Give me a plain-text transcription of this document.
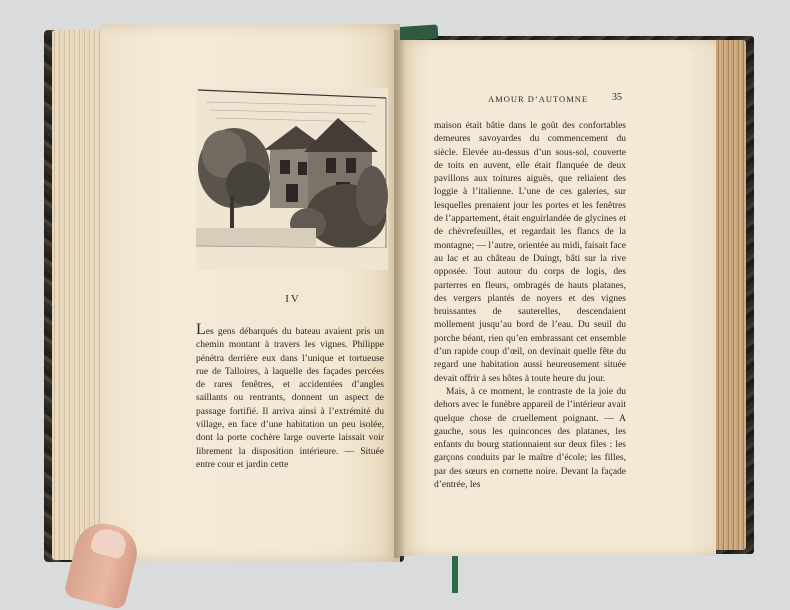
IV

Les gens débarqués du bateau avaient pris un chemin montant à travers les vignes. Philippe pénétra derrière eux dans l’unique et tortueuse rue de Talloires, à laquelle des façades percées de rares fenêtres, et accidentées d’angles saillants ou rentrants, donnent un aspect de passage fortifié. Il arriva ainsi à l’extrémité du village, en face d’une habitation un peu isolée, dont la porte cochère large ouverte laissait voir librement la disposition intérieure. — Située entre cour et jardin cette

AMOUR D’AUTOMNE	35

maison était bâtie dans le goût des confortables demeures savoyardes du commencement du siècle. Elevée au-dessus d’un sous-sol, couverte de toits en auvent, elle était flanquée de deux pavillons aux toitures aiguës, que reliaient des loggie à l’italienne. L’une de ces galeries, sur lesquelles prenaient jour les portes et les fenêtres de l’appartement, était enguirlandée de glycines et de chèvrefeuilles, et regardait les flancs de la montagne; — l’autre, orientée au midi, faisait face au lac et au château de Duingt, bâti sur la rive opposée. Tout autour du corps de logis, des parterres en fleurs, ombragés de hauts platanes, des vergers plantés de noyers et des vignes bruissantes de sauterelles, descendaient mollement jusqu’au bord de l’eau. Du seuil du porche béant, rien qu’en embrassant cet ensemble d’un rapide coup d’œil, on devinait quelle fête du regard une habitation aussi heureusement située devait offrir à ses hôtes à toute heure du jour.

Mais, à ce moment, le contraste de la joie du dehors avec le funèbre appareil de l’intérieur avait quelque chose de cruellement poignant. — A gauche, sous les quinconces des platanes, les enfants du bourg stationnaient sur deux files : les garçons conduits par le maître d’école; les filles, par des sœurs en cornette noire. Devant la façade d’entrée, les
